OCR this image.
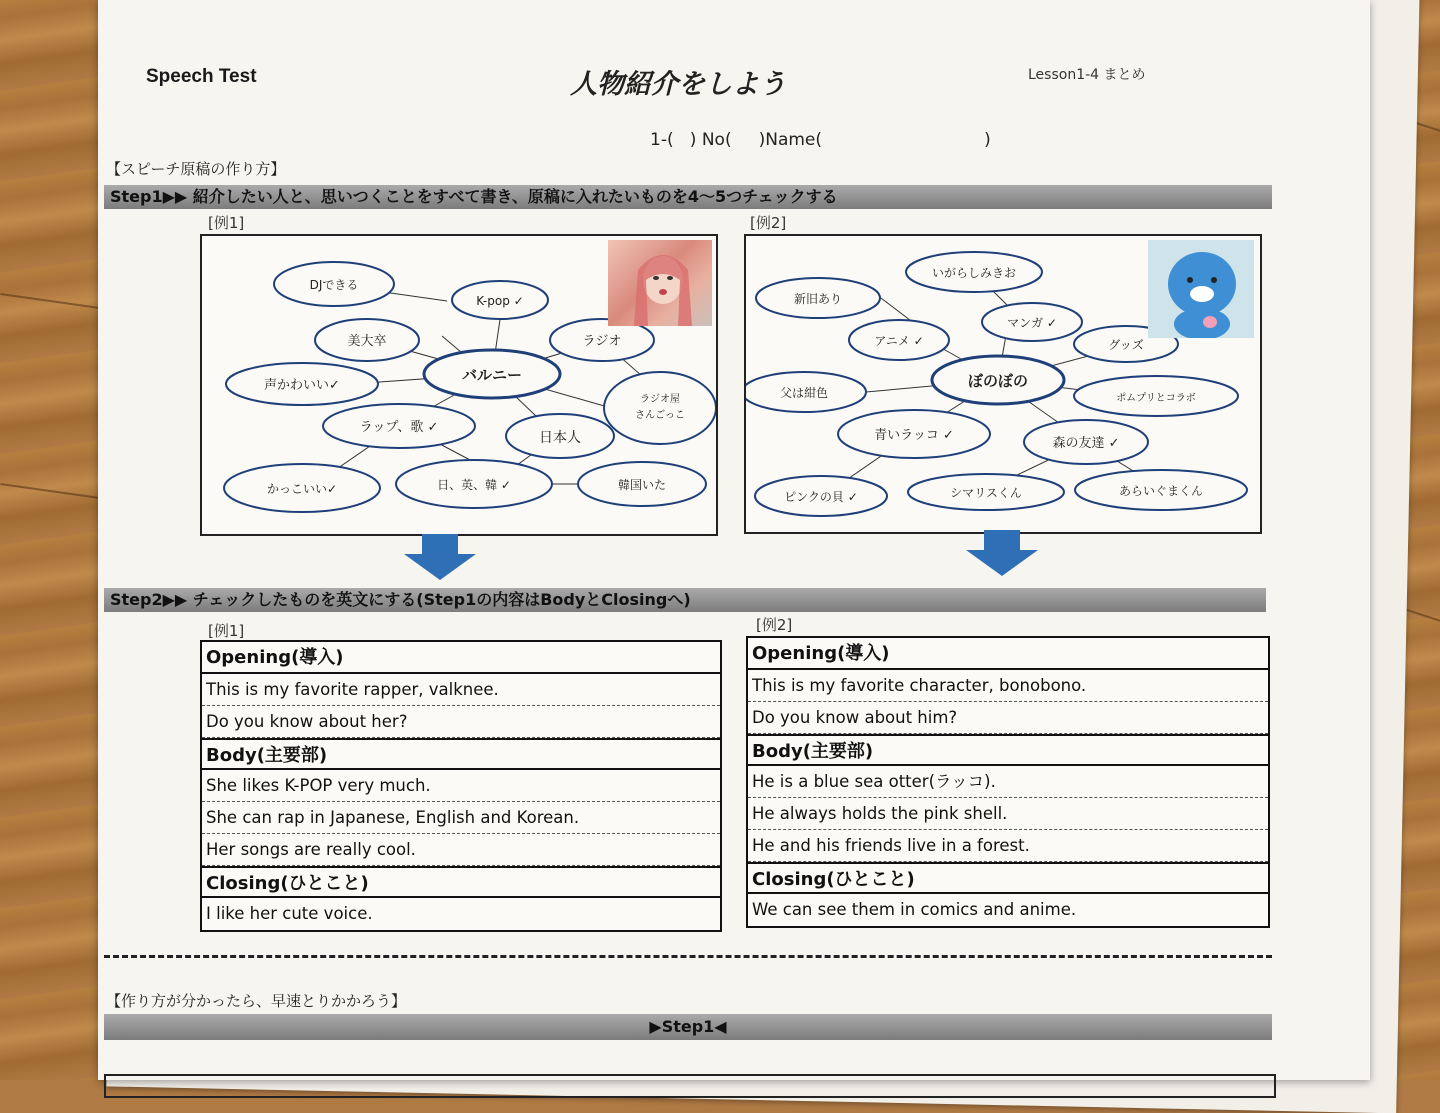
Speech Test	人物紹介をしよう	Lesson1-4 まとめ
1-(   ) No(     )Name(                              )
【スピーチ原稿の作り方】
Step1▶▶ 紹介したい人と、思いつくことをすべて書き、原稿に入れたいものを4～5つチェックする
[例1]	[例2]
DJできる
K-pop ✓
美大卒	ラジオ
声かわいい✓
バルニー
ラジオ屋
さんごっこ
ラップ、歌 ✓
日本人
かっこいい✓	日、英、韓 ✓	韓国いた
いがらしみきお
新旧あり
マンガ ✓
アニメ ✓	グッズ
ぼのぼの
父は紺色	ポムプリとコラボ
青いラッコ ✓
森の友達 ✓
ピンクの貝 ✓	シマリスくん	あらいぐまくん
Step2▶▶ チェックしたものを英文にする(Step1の内容はBodyとClosingへ)
[例1]	[例2]
Opening(導入)
This is my favorite rapper, valknee.
Do you know about her?
Body(主要部)
She likes K-POP very much.
She can rap in Japanese, English and Korean.
Her songs are really cool.
Closing(ひとこと)
I like her cute voice.
Opening(導入)
This is my favorite character, bonobono.
Do you know about him?
Body(主要部)
He is a blue sea otter(ラッコ).
He always holds the pink shell.
He and his friends live in a forest.
Closing(ひとこと)
We can see them in comics and anime.
【作り方が分かったら、早速とりかかろう】
▶Step1◀
